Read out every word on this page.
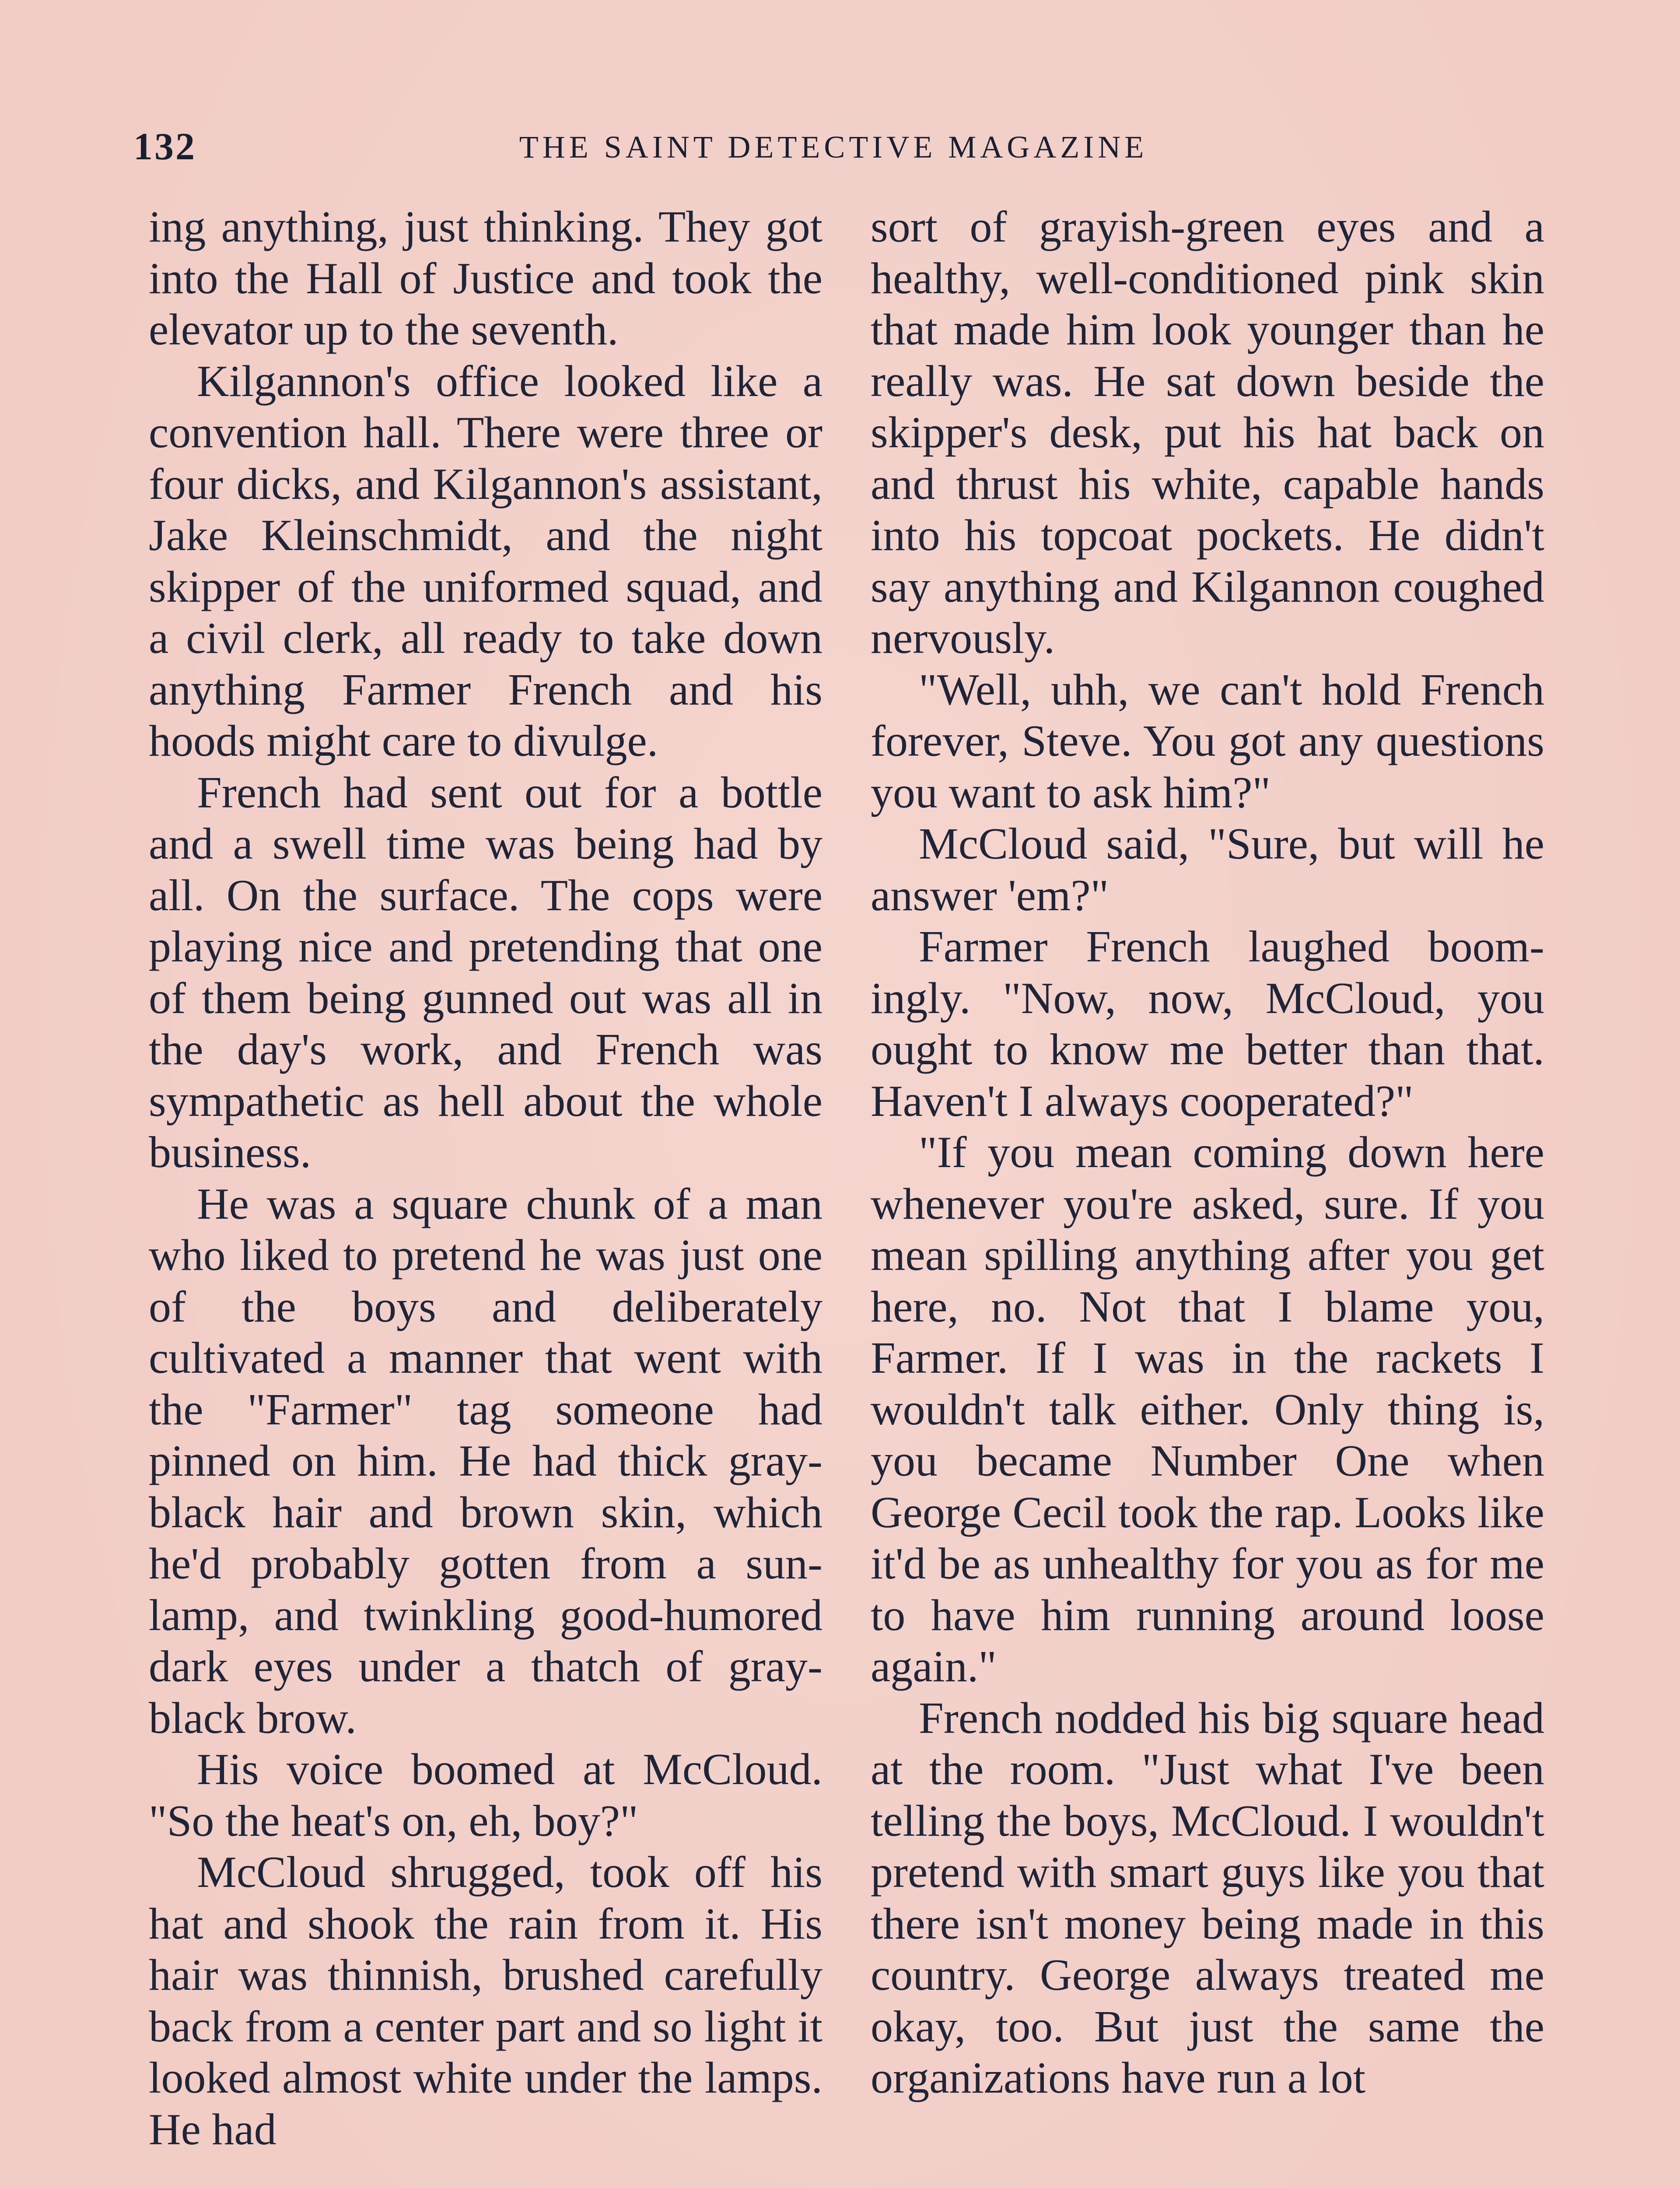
132	THE SAINT DETECTIVE MAGAZINE

ing anything, just thinking. They got into the Hall of Justice and took the elevator up to the seventh.

Kilgannon's office looked like a convention hall. There were three or four dicks, and Kilgannon's assistant, Jake Kleinschmidt, and the night skipper of the uniformed squad, and a civil clerk, all ready to take down anything Farmer French and his hoods might care to divulge.

French had sent out for a bottle and a swell time was being had by all. On the surface. The cops were playing nice and pretending that one of them being gunned out was all in the day's work, and French was sympathetic as hell about the whole business.

He was a square chunk of a man who liked to pretend he was just one of the boys and deliberately cultivated a manner that went with the "Farmer" tag someone had pinned on him. He had thick gray-black hair and brown skin, which he'd probably gotten from a sun-lamp, and twinkling good-humored dark eyes under a thatch of gray-black brow.

His voice boomed at McCloud. "So the heat's on, eh, boy?"

McCloud shrugged, took off his hat and shook the rain from it. His hair was thinnish, brushed carefully back from a center part and so light it looked almost white under the lamps. He had

sort of grayish-green eyes and a healthy, well-conditioned pink skin that made him look younger than he really was. He sat down beside the skipper's desk, put his hat back on and thrust his white, capable hands into his topcoat pockets. He didn't say anything and Kilgannon coughed nervously.

"Well, uhh, we can't hold French forever, Steve. You got any questions you want to ask him?"

McCloud said, "Sure, but will he answer 'em?"

Farmer French laughed boomingly. "Now, now, McCloud, you ought to know me better than that. Haven't I always cooperated?"

"If you mean coming down here whenever you're asked, sure. If you mean spilling anything after you get here, no. Not that I blame you, Farmer. If I was in the rackets I wouldn't talk either. Only thing is, you became Number One when George Cecil took the rap. Looks like it'd be as unhealthy for you as for me to have him running around loose again."

French nodded his big square head at the room. "Just what I've been telling the boys, McCloud. I wouldn't pretend with smart guys like you that there isn't money being made in this country. George always treated me okay, too. But just the same the organizations have run a lot
